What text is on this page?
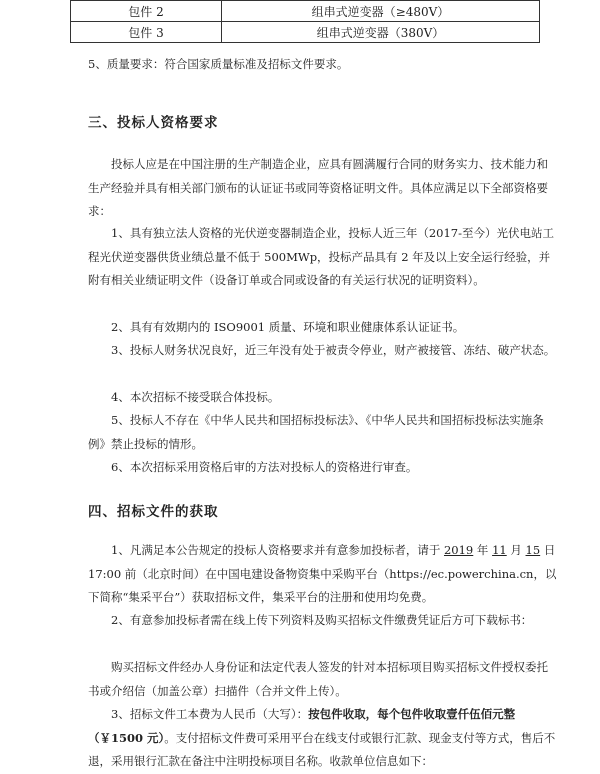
包件 2	组串式逆变器（≥480V）
包件 3	组串式逆变器（380V）

5、质量要求：符合国家质量标准及招标文件要求。

三、投标人资格要求

投标人应是在中国注册的生产制造企业，应具有圆满履行合同的财务实力、技术能力和生产经验并具有相关部门颁布的认证证书或同等资格证明文件。具体应满足以下全部资格要求：

1、具有独立法人资格的光伏逆变器制造企业，投标人近三年（2017-至今）光伏电站工程光伏逆变器供货业绩总量不低于 500MWp，投标产品具有 2 年及以上安全运行经验，并附有相关业绩证明文件（设备订单或合同或设备的有关运行状况的证明资料）。

2、具有有效期内的 ISO9001 质量、环境和职业健康体系认证证书。

3、投标人财务状况良好，近三年没有处于被责令停业，财产被接管、冻结、破产状态。

4、本次招标不接受联合体投标。

5、投标人不存在《中华人民共和国招标投标法》、《中华人民共和国招标投标法实施条例》禁止投标的情形。

6、本次招标采用资格后审的方法对投标人的资格进行审查。

四、招标文件的获取

1、凡满足本公告规定的投标人资格要求并有意参加投标者，请于 2019 年 11 月 15 日 17:00 前（北京时间）在中国电建设备物资集中采购平台（https://ec.powerchina.cn，以下简称“集采平台”）获取招标文件，集采平台的注册和使用均免费。

2、有意参加投标者需在线上传下列资料及购买招标文件缴费凭证后方可下载标书：

购买招标文件经办人身份证和法定代表人签发的针对本招标项目购买招标文件授权委托书或介绍信（加盖公章）扫描件（合并文件上传）。

3、招标文件工本费为人民币（大写）：按包件收取，每个包件收取壹仟伍佰元整（￥1500 元）。支付招标文件费可采用平台在线支付或银行汇款、现金支付等方式，售后不退，采用银行汇款在备注中注明投标项目名称。收款单位信息如下：
